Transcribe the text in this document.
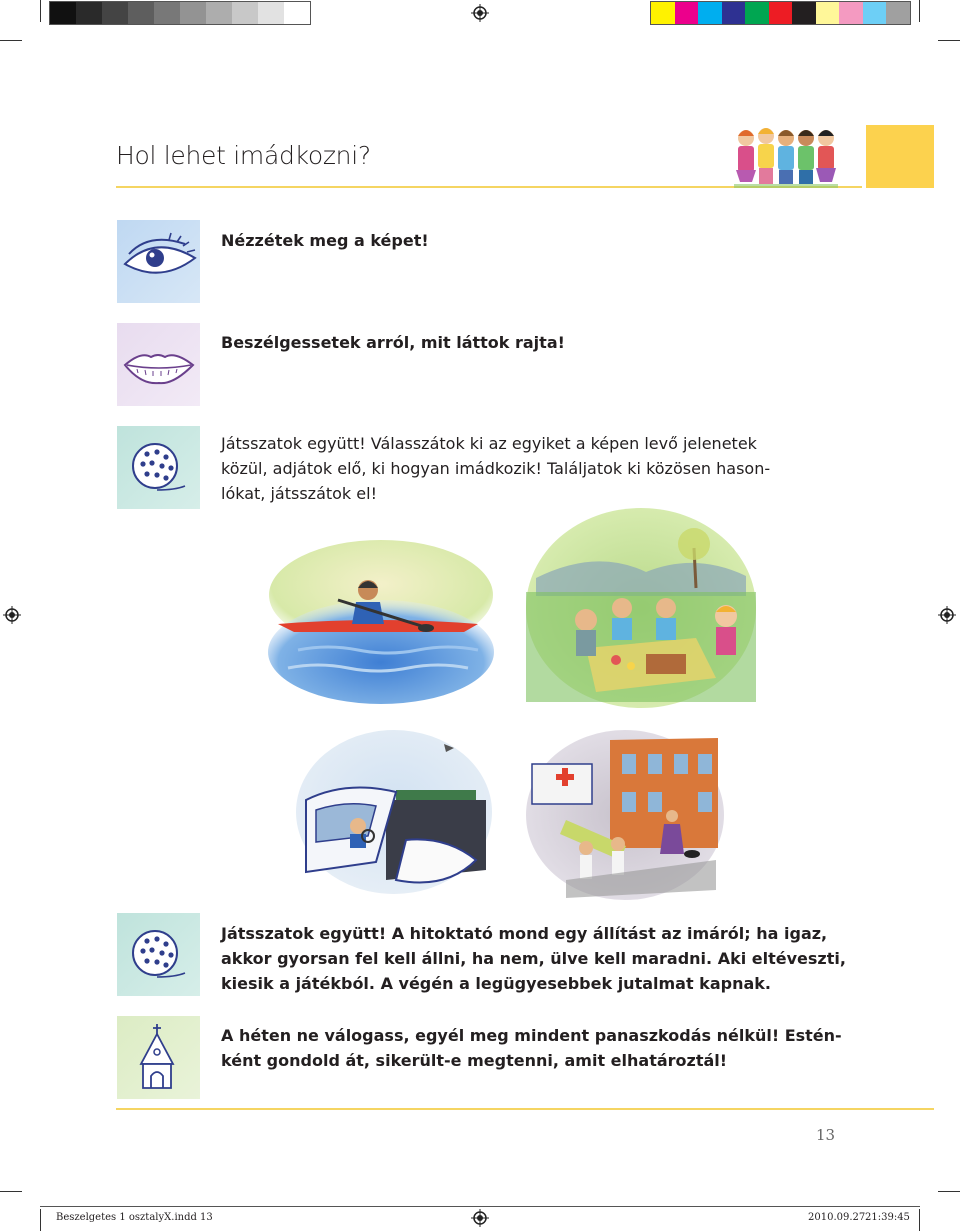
Hol lehet imádkozni?
Nézzétek meg a képet!
Beszélgessetek arról, mit láttok rajta!
Játsszatok együtt! Válasszátok ki az egyiket a képen levő jelenetek
közül, adjátok elő, ki hogyan imádkozik! Találjatok ki közösen hason-
lókat, játsszátok el!
Játsszatok együtt! A hitoktató mond egy állítást az imáról; ha igaz,
akkor gyorsan fel kell állni, ha nem, ülve kell maradni. Aki eltéveszti,
kiesik a játékból. A végén a legügyesebbek jutalmat kapnak.
A héten ne válogass, egyél meg mindent panaszkodás nélkül! Estén-
ként gondold át, sikerült-e megtenni, amit elhatároztál!
13
Beszelgetes 1 osztalyX.indd 13	2010.09.27.
21:39:45
